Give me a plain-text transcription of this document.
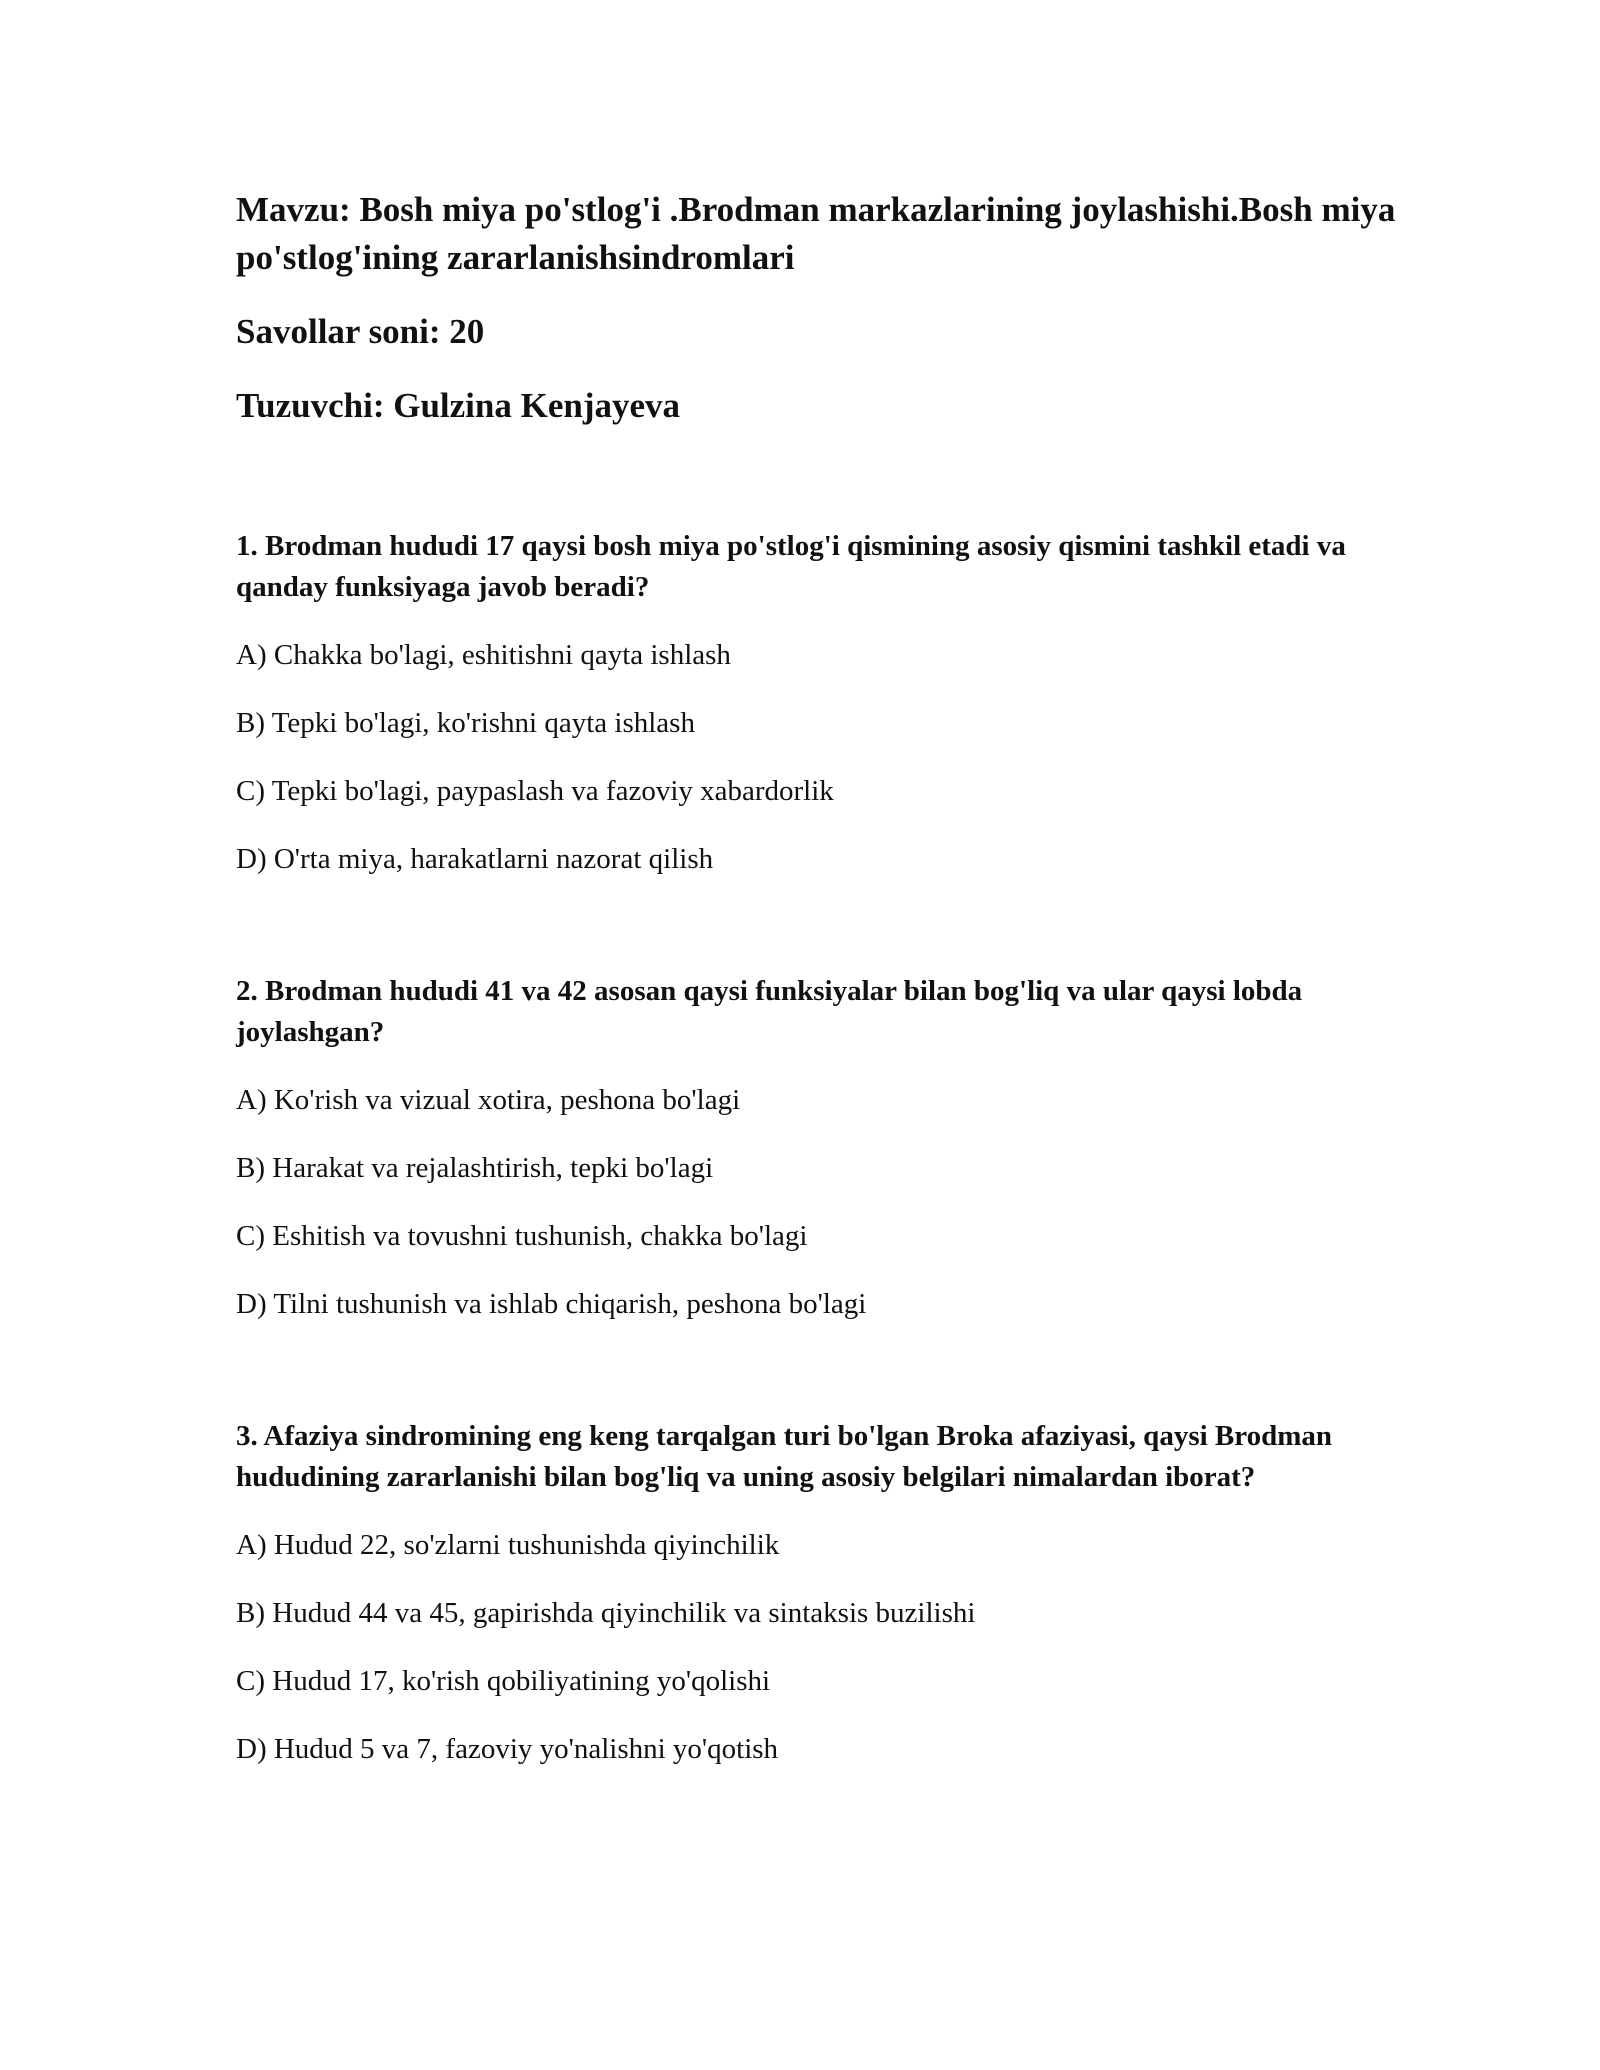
Mavzu: Bosh miya po'stlog'i .Brodman markazlarining joylashishi.Bosh miya po'stlog'ining zararlanishsindromlari

Savollar soni: 20

Tuzuvchi: Gulzina Kenjayeva

1. Brodman hududi 17 qaysi bosh miya po'stlog'i qismining asosiy qismini tashkil etadi va qanday funksiyaga javob beradi?

A) Chakka bo'lagi, eshitishni qayta ishlash
B) Tepki bo'lagi, ko'rishni qayta ishlash
C) Tepki bo'lagi, paypaslash va fazoviy xabardorlik
D) O'rta miya, harakatlarni nazorat qilish

2. Brodman hududi 41 va 42 asosan qaysi funksiyalar bilan bog'liq va ular qaysi lobda joylashgan?

A) Ko'rish va vizual xotira, peshona bo'lagi
B) Harakat va rejalashtirish, tepki bo'lagi
C) Eshitish va tovushni tushunish, chakka bo'lagi
D) Tilni tushunish va ishlab chiqarish, peshona bo'lagi

3. Afaziya sindromining eng keng tarqalgan turi bo'lgan Broka afaziyasi, qaysi Brodman hududining zararlanishi bilan bog'liq va uning asosiy belgilari nimalardan iborat?

A) Hudud 22, so'zlarni tushunishda qiyinchilik
B) Hudud 44 va 45, gapirishda qiyinchilik va sintaksis buzilishi
C) Hudud 17, ko'rish qobiliyatining yo'qolishi
D) Hudud 5 va 7, fazoviy yo'nalishni yo'qotish
